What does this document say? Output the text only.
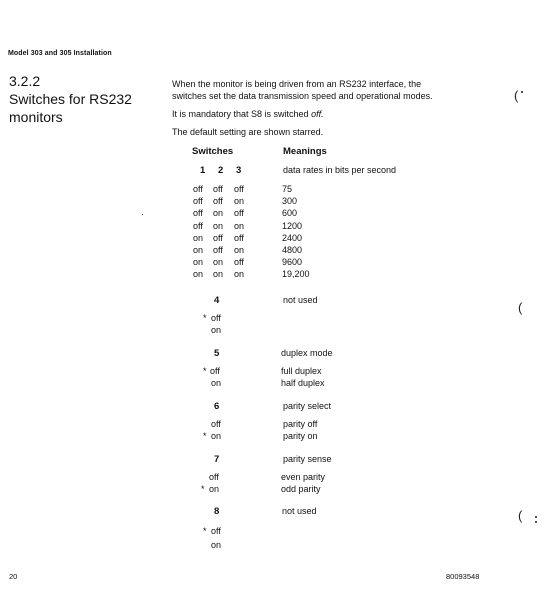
Model 303 and 305 Installation
3.2.2
Switches for RS232
monitors
When the monitor is being driven from an RS232 interface, the
switches set the data transmission speed and operational modes.
It is mandatory that S8 is switched off.
The default setting are shown starred.
Switches	Meanings
1 2 3	data rates in bits per second
off off off	75
off off on	300
off on off	600
off on on	1200
on off off	2400
on off on	4800
on on off	9600
on on on	19,200
4	not used
* off
on
5	duplex mode
* off	full duplex
on	half duplex
6	parity select
off	parity off
* on	parity on
7	parity sense
off	even parity
* on	odd parity
8	not used
* off
on
20	80093548
(
(
(
